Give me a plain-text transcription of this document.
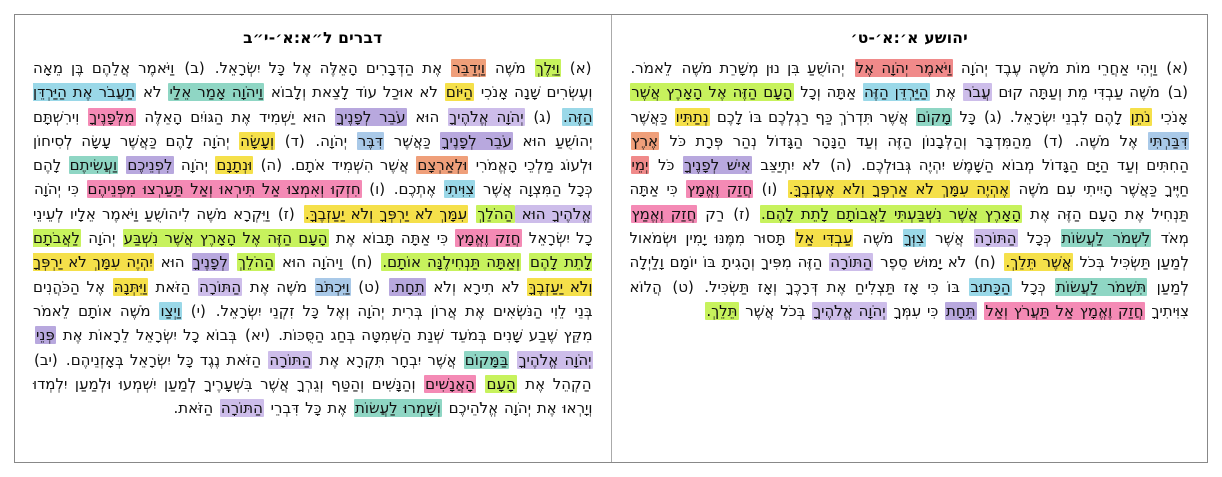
יהושע א׳:א׳-ט׳
(א) וַיְהִי אַחֲרֵי מוֹת מֹשֶׁה עֶבֶד יְהֹוָה וַיֹּאמֶר יְהֹוָה אֶל יְהוֹשֻׁעַ בִּן נוּן מְשָׁרֵת מֹשֶׁה לֵאמֹר. (ב) מֹשֶׁה עַבְדִּי מֵת וְעַתָּה קוּם עֲבֹר אֶת הַיַּרְדֵּן הַזֶּה אַתָּה וְכָל הָעָם הַזֶּה אֶל הָאָרֶץ אֲשֶׁר אָנֹכִי נֹתֵן לָהֶם לִבְנֵי יִשְׂרָאֵל. (ג) כָּל מָקוֹם אֲשֶׁר תִּדְרֹךְ כַּף רַגְלְכֶם בּוֹ לָכֶם נְתַתִּיו כַּאֲשֶׁר דִּבַּרְתִּי אֶל מֹשֶׁה. (ד) מֵהַמִּדְבָּר וְהַלְּבָנוֹן הַזֶּה וְעַד הַנָּהָר הַגָּדוֹל נְהַר פְּרָת כֹּל אֶרֶץ הַחִתִּים וְעַד הַיָּם הַגָּדוֹל מְבוֹא הַשָּׁמֶשׁ יִהְיֶה גְּבוּלְכֶם. (ה) לֹא יִתְיַצֵּב אִישׁ לְפָנֶיךָ כֹּל יְמֵי חַיֶּיךָ כַּאֲשֶׁר הָיִיתִי עִם מֹשֶׁה אֶהְיֶה עִמָּךְ לֹא אַרְפְּךָ וְלֹא אֶעֶזְבֶךָּ. (ו) חֲזַק וֶאֱמָץ כִּי אַתָּה תַּנְחִיל אֶת הָעָם הַזֶּה אֶת הָאָרֶץ אֲשֶׁר נִשְׁבַּעְתִּי לַאֲבוֹתָם לָתֵת לָהֶם. (ז) רַק חֲזַק וֶאֱמַץ מְאֹד לִשְׁמֹר לַעֲשׂוֹת כְּכָל הַתּוֹרָה אֲשֶׁר צִוְּךָ מֹשֶׁה עַבְדִּי אַל תָּסוּר מִמֶּנּוּ יָמִין וּשְׂמֹאול לְמַעַן תַּשְׂכִּיל בְּכֹל אֲשֶׁר תֵּלֵךְ. (ח) לֹא יָמוּשׁ סֵפֶר הַתּוֹרָה הַזֶּה מִפִּיךָ וְהָגִיתָ בּוֹ יוֹמָם וָלַיְלָה לְמַעַן תִּשְׁמֹר לַעֲשׂוֹת כְּכָל הַכָּתוּב בּוֹ כִּי אָז תַּצְלִיחַ אֶת דְּרָכֶךָ וְאָז תַּשְׂכִּיל. (ט) הֲלוֹא צִוִּיתִיךָ חֲזַק וֶאֱמָץ אַל תַּעֲרֹץ וְאַל תֵּחָת כִּי עִמְּךָ יְהֹוָה אֱלֹהֶיךָ בְּכֹל אֲשֶׁר תֵּלֵךְ.
דברים ל״א:א׳-י״ב
(א) וַיֵּלֶךְ מֹשֶׁה וַיְדַבֵּר אֶת הַדְּבָרִים הָאֵלֶּה אֶל כָּל יִשְׂרָאֵל. (ב) וַיֹּאמֶר אֲלֵהֶם בֶּן מֵאָה וְעֶשְׂרִים שָׁנָה אָנֹכִי הַיּוֹם לֹא אוּכַל עוֹד לָצֵאת וְלָבוֹא וַיהֹוָה אָמַר אֵלַי לֹא תַעֲבֹר אֶת הַיַּרְדֵּן הַזֶּה. (ג) יְהֹוָה אֱלֹהֶיךָ הוּא עֹבֵר לְפָנֶיךָ הוּא יַשְׁמִיד אֶת הַגּוֹיִם הָאֵלֶּה מִלְּפָנֶיךָ וִירִשְׁתָּם יְהוֹשֻׁעַ הוּא עֹבֵר לְפָנֶיךָ כַּאֲשֶׁר דִּבֶּר יְהֹוָה. (ד) וְעָשָׂה יְהֹוָה לָהֶם כַּאֲשֶׁר עָשָׂה לְסִיחוֹן וּלְעוֹג מַלְכֵי הָאֱמֹרִי וּלְאַרְצָם אֲשֶׁר הִשְׁמִיד אֹתָם. (ה) וּנְתָנָם יְהֹוָה לִפְנֵיכֶם וַעֲשִׂיתֶם לָהֶם כְּכָל הַמִּצְוָה אֲשֶׁר צִוִּיתִי אֶתְכֶם. (ו) חִזְקוּ וְאִמְצוּ אַל תִּירְאוּ וְאַל תַּעַרְצוּ מִפְּנֵיהֶם כִּי יְהֹוָה אֱלֹהֶיךָ הוּא הַהֹלֵךְ עִמָּךְ לֹא יַרְפְּךָ וְלֹא יַעַזְבֶךָּ. (ז) וַיִּקְרָא מֹשֶׁה לִיהוֹשֻׁעַ וַיֹּאמֶר אֵלָיו לְעֵינֵי כָל יִשְׂרָאֵל חֲזַק וֶאֱמָץ כִּי אַתָּה תָּבוֹא אֶת הָעָם הַזֶּה אֶל הָאָרֶץ אֲשֶׁר נִשְׁבַּע יְהֹוָה לַאֲבֹתָם לָתֵת לָהֶם וְאַתָּה תַּנְחִילֶנָּה אוֹתָם. (ח) וַיהֹוָה הוּא הַהֹלֵךְ לְפָנֶיךָ הוּא יִהְיֶה עִמָּךְ לֹא יַרְפְּךָ וְלֹא יַעַזְבֶךָּ לֹא תִירָא וְלֹא תֵחָת. (ט) וַיִּכְתֹּב מֹשֶׁה אֶת הַתּוֹרָה הַזֹּאת וַיִּתְּנָהּ אֶל הַכֹּהֲנִים בְּנֵי לֵוִי הַנֹּשְׂאִים אֶת אֲרוֹן בְּרִית יְהֹוָה וְאֶל כָּל זִקְנֵי יִשְׂרָאֵל. (י) וַיְצַו מֹשֶׁה אוֹתָם לֵאמֹר מִקֵּץ שֶׁבַע שָׁנִים בְּמֹעֵד שְׁנַת הַשְּׁמִטָּה בְּחַג הַסֻּכּוֹת. (יא) בְּבוֹא כָל יִשְׂרָאֵל לֵרָאוֹת אֶת פְּנֵי יְהֹוָה אֱלֹהֶיךָ בַּמָּקוֹם אֲשֶׁר יִבְחָר תִּקְרָא אֶת הַתּוֹרָה הַזֹּאת נֶגֶד כָּל יִשְׂרָאֵל בְּאָזְנֵיהֶם. (יב) הַקְהֵל אֶת הָעָם הָאֲנָשִׁים וְהַנָּשִׁים וְהַטַּף וְגֵרְךָ אֲשֶׁר בִּשְׁעָרֶיךָ לְמַעַן יִשְׁמְעוּ וּלְמַעַן יִלְמְדוּ וְיָרְאוּ אֶת יְהֹוָה אֱלֹהֵיכֶם וְשָׁמְרוּ לַעֲשׂוֹת אֶת כָּל דִּבְרֵי הַתּוֹרָה הַזֹּאת.
